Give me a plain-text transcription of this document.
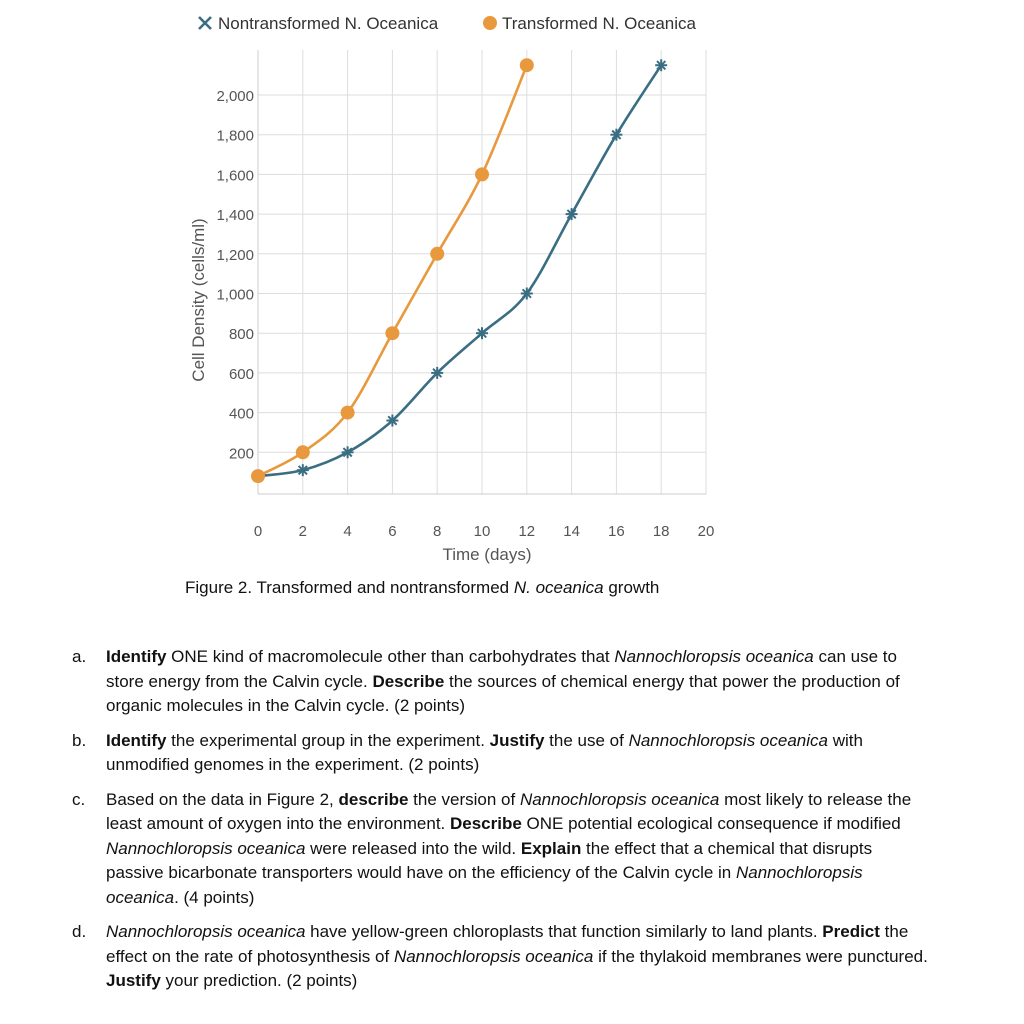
Nontransformed N. Oceanica	Transformed N. Oceanica
2,000
1,800
1,600
1,400
1,200
1,000
800
600
400
200
0 2 4 6 8 10 12 14 16 18 20
Cell Density (cells/ml)
Time (days)
Figure 2. Transformed and nontransformed N. oceanica growth
a. Identify ONE kind of macromolecule other than carbohydrates that Nannochloropsis oceanica can use to store energy from the Calvin cycle. Describe the sources of chemical energy that power the production of organic molecules in the Calvin cycle. (2 points)

b. Identify the experimental group in the experiment. Justify the use of Nannochloropsis oceanica with unmodified genomes in the experiment. (2 points)

c. Based on the data in Figure 2, describe the version of Nannochloropsis oceanica most likely to release the least amount of oxygen into the environment. Describe ONE potential ecological consequence if modified Nannochloropsis oceanica were released into the wild. Explain the effect that a chemical that disrupts passive bicarbonate transporters would have on the efficiency of the Calvin cycle in Nannochloropsis oceanica. (4 points)

d. Nannochloropsis oceanica have yellow-green chloroplasts that function similarly to land plants. Predict the effect on the rate of photosynthesis of Nannochloropsis oceanica if the thylakoid membranes were punctured. Justify your prediction. (2 points)
